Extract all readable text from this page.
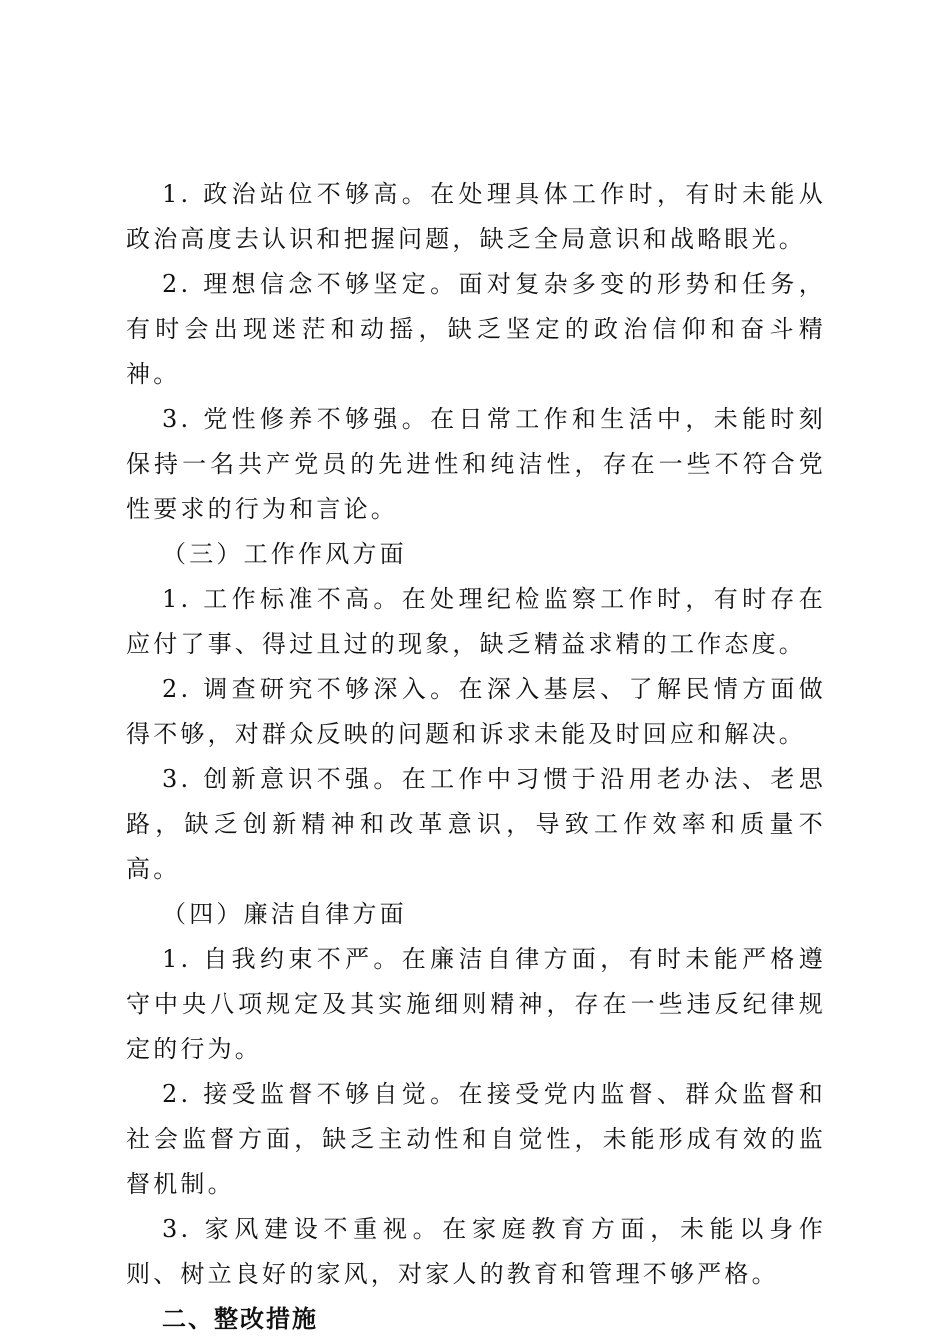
1. 政治站位不够高。在处理具体工作时，有时未能从政治高度去认识和把握问题，缺乏全局意识和战略眼光。

2. 理想信念不够坚定。面对复杂多变的形势和任务，有时会出现迷茫和动摇，缺乏坚定的政治信仰和奋斗精神。

3. 党性修养不够强。在日常工作和生活中，未能时刻保持一名共产党员的先进性和纯洁性，存在一些不符合党性要求的行为和言论。

（三）工作作风方面

1. 工作标准不高。在处理纪检监察工作时，有时存在应付了事、得过且过的现象，缺乏精益求精的工作态度。

2. 调查研究不够深入。在深入基层、了解民情方面做得不够，对群众反映的问题和诉求未能及时回应和解决。

3. 创新意识不强。在工作中习惯于沿用老办法、老思路，缺乏创新精神和改革意识，导致工作效率和质量不高。

（四）廉洁自律方面

1. 自我约束不严。在廉洁自律方面，有时未能严格遵守中央八项规定及其实施细则精神，存在一些违反纪律规定的行为。

2. 接受监督不够自觉。在接受党内监督、群众监督和社会监督方面，缺乏主动性和自觉性，未能形成有效的监督机制。

3. 家风建设不重视。在家庭教育方面，未能以身作则、树立良好的家风，对家人的教育和管理不够严格。

二、整改措施
